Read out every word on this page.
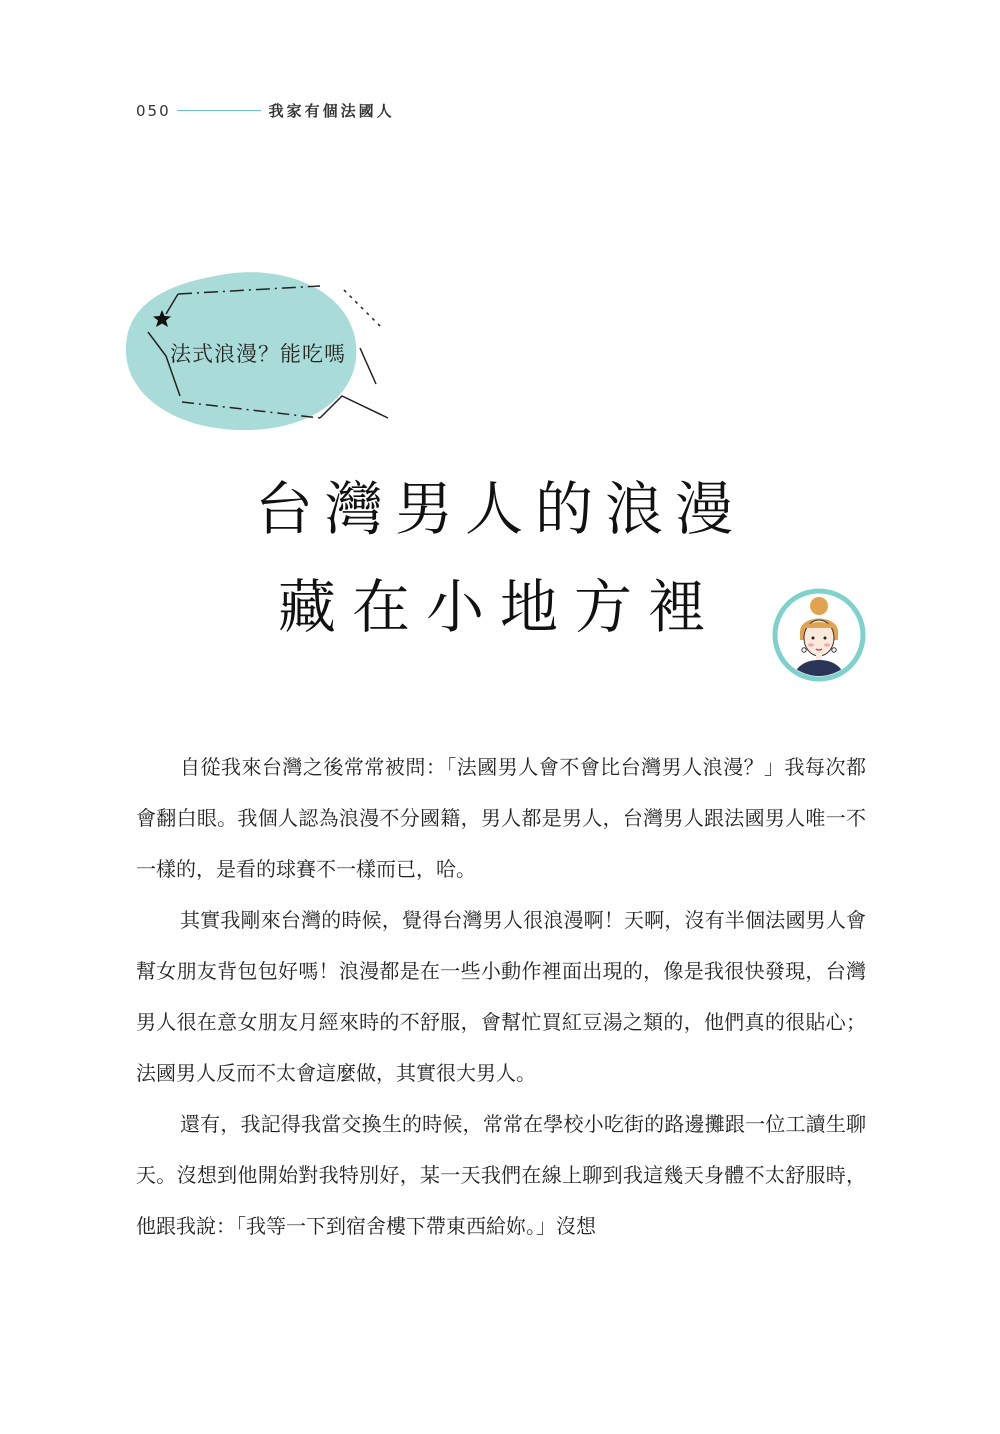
050	我家有個法國人
法式浪漫？能吃嗎
台灣男人的浪漫
藏在小地方裡

自從我來台灣之後常常被問：「法國男人會不會比台灣男人浪漫？」我每次都會翻白眼。我個人認為浪漫不分國籍，男人都是男人，台灣男人跟法國男人唯一不一樣的，是看的球賽不一樣而已，哈。

其實我剛來台灣的時候，覺得台灣男人很浪漫啊！天啊，沒有半個法國男人會幫女朋友背包包好嗎！浪漫都是在一些小動作裡面出現的，像是我很快發現，台灣男人很在意女朋友月經來時的不舒服，會幫忙買紅豆湯之類的，他們真的很貼心；法國男人反而不太會這麼做，其實很大男人。

還有，我記得我當交換生的時候，常常在學校小吃街的路邊攤跟一位工讀生聊天。沒想到他開始對我特別好，某一天我們在線上聊到我這幾天身體不太舒服時，他跟我說：「我等一下到宿舍樓下帶東西給妳。」沒想
